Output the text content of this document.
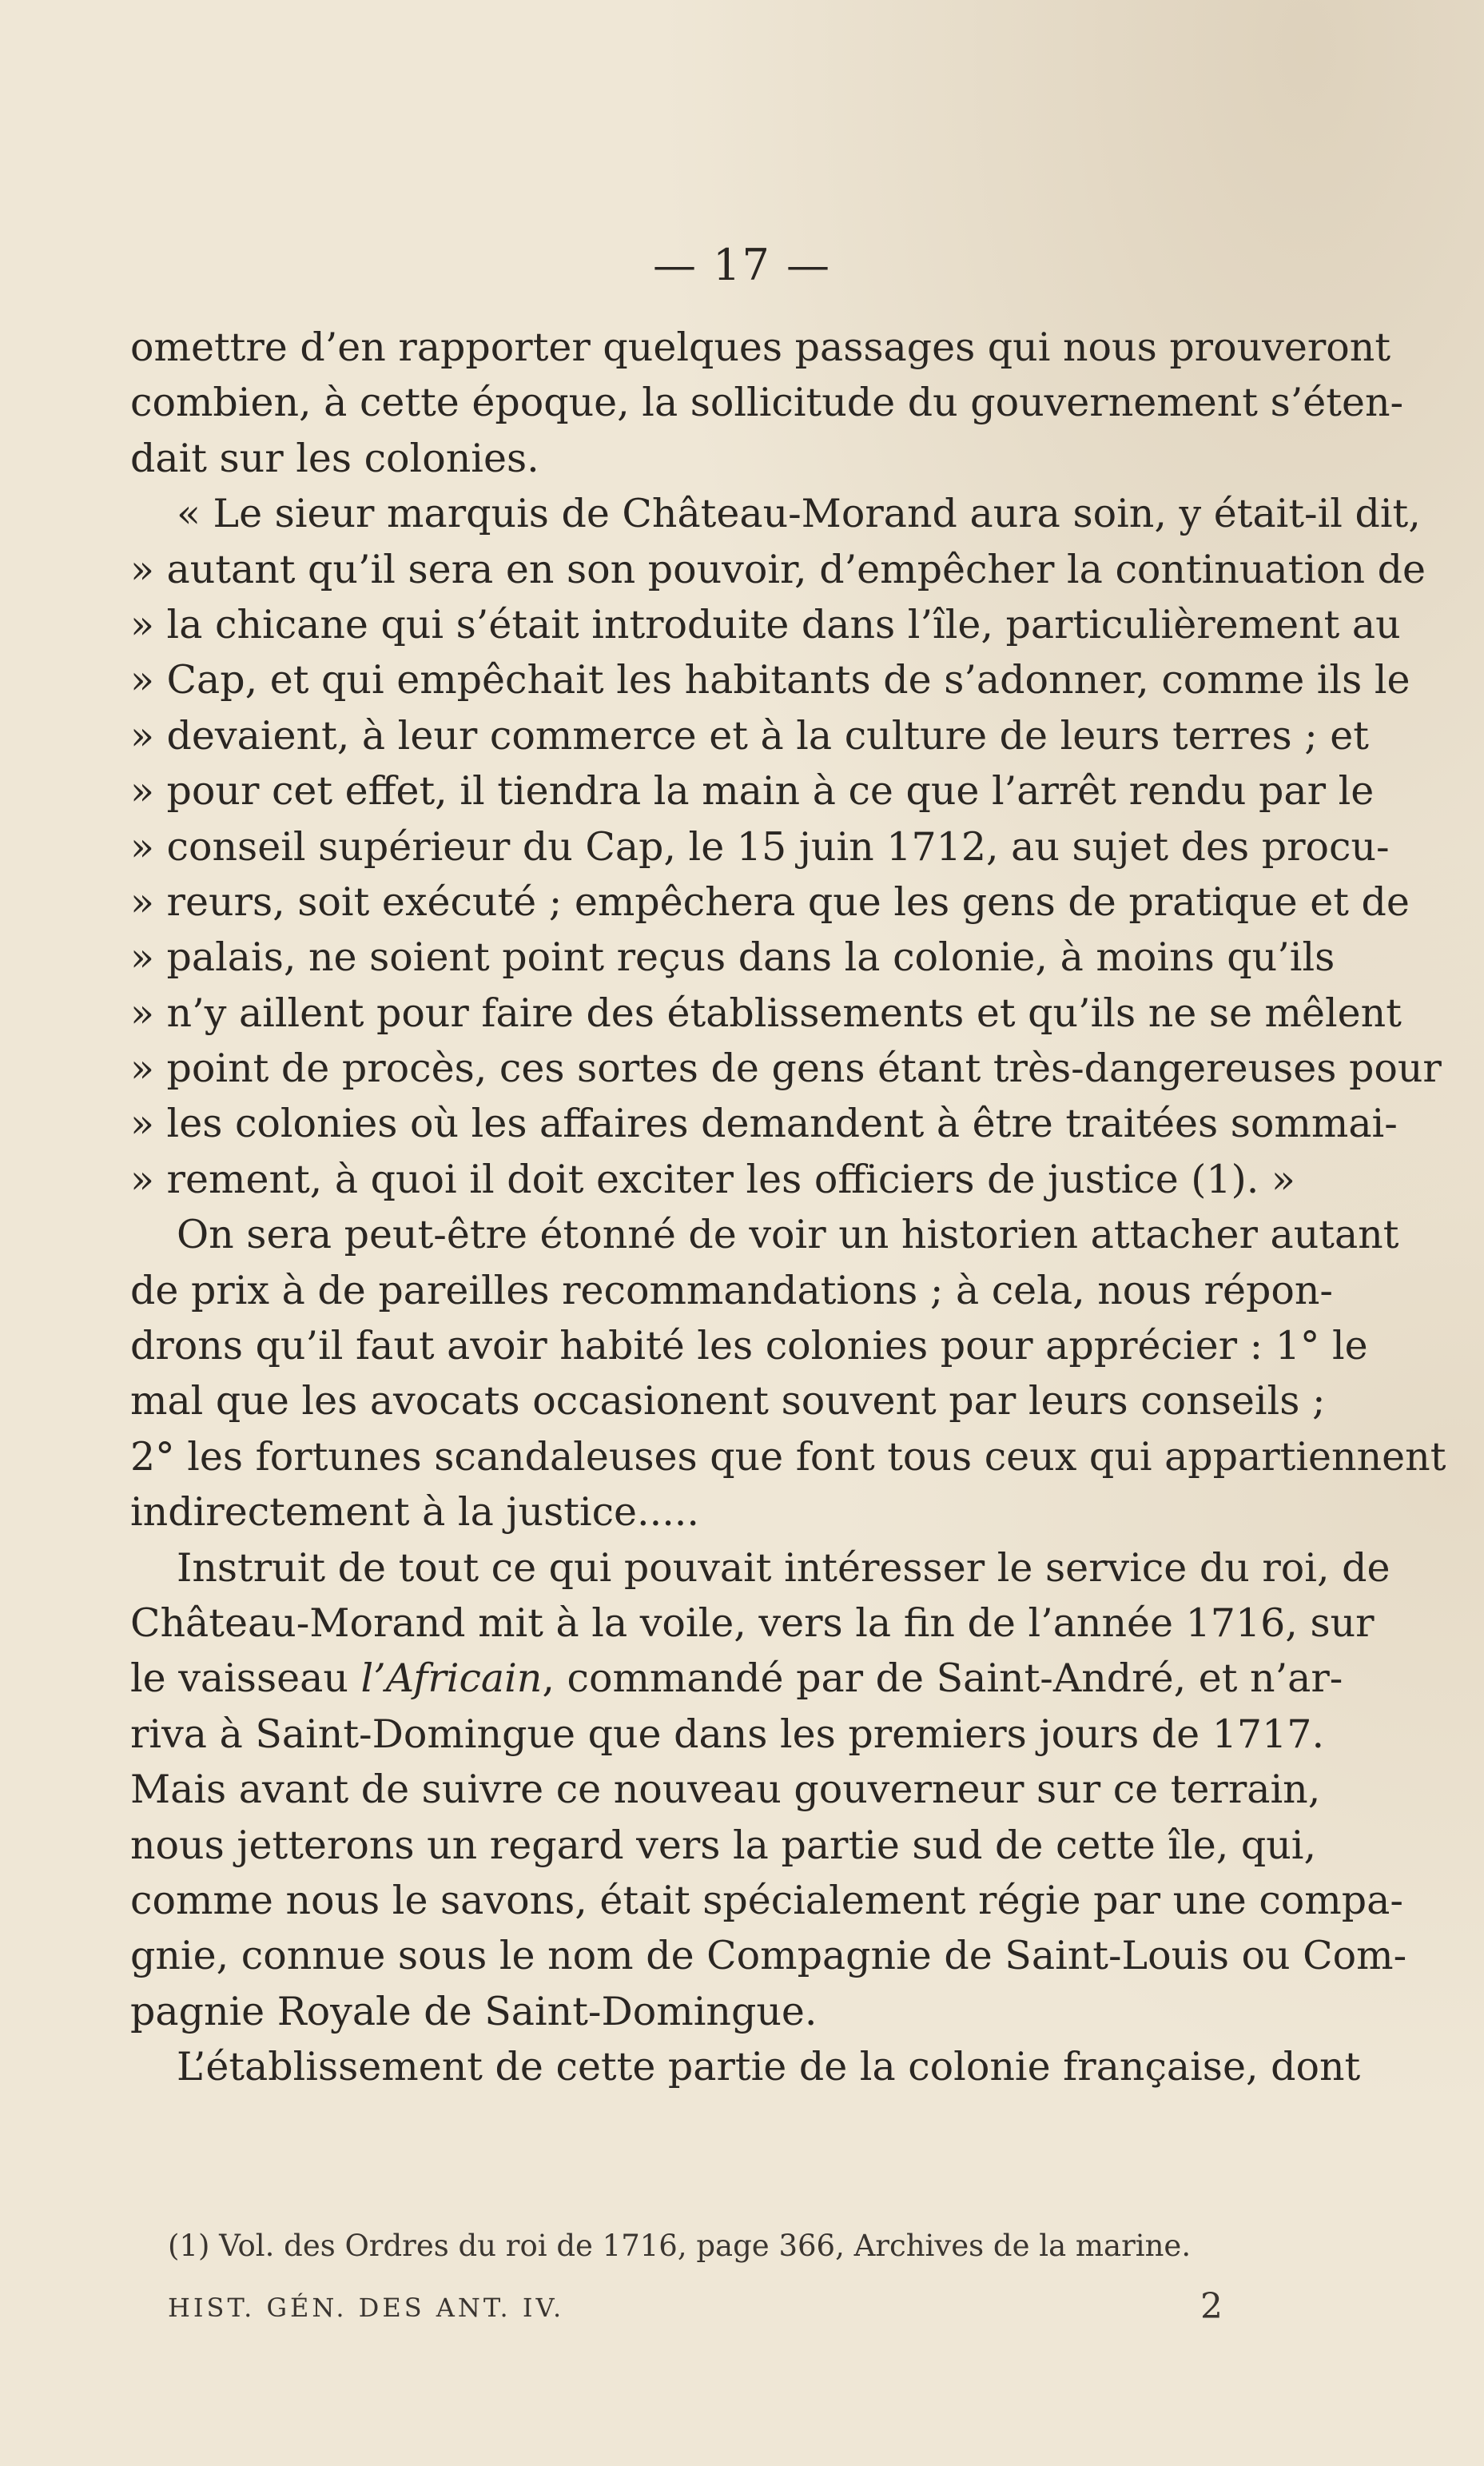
— 17 —
omettre d’en rapporter quelques passages qui nous prouveront
combien, à cette époque, la sollicitude du gouvernement s’éten-
dait sur les colonies.
« Le sieur marquis de Château-Morand aura soin, y était-il dit,
» autant qu’il sera en son pouvoir, d’empêcher la continuation de
» la chicane qui s’était introduite dans l’île, particulièrement au
» Cap, et qui empêchait les habitants de s’adonner, comme ils le
» devaient, à leur commerce et à la culture de leurs terres ; et
» pour cet effet, il tiendra la main à ce que l’arrêt rendu par le
» conseil supérieur du Cap, le 15 juin 1712, au sujet des procu-
» reurs, soit exécuté ; empêchera que les gens de pratique et de
» palais, ne soient point reçus dans la colonie, à moins qu’ils
» n’y aillent pour faire des établissements et qu’ils ne se mêlent
» point de procès, ces sortes de gens étant très-dangereuses pour
» les colonies où les affaires demandent à être traitées sommai-
» rement, à quoi il doit exciter les officiers de justice (1). »
On sera peut-être étonné de voir un historien attacher autant
de prix à de pareilles recommandations ; à cela, nous répon-
drons qu’il faut avoir habité les colonies pour apprécier : 1° le
mal que les avocats occasionent souvent par leurs conseils ;
2° les fortunes scandaleuses que font tous ceux qui appartiennent
indirectement à la justice.....
Instruit de tout ce qui pouvait intéresser le service du roi, de
Château-Morand mit à la voile, vers la fin de l’année 1716, sur
le vaisseau l’Africain, commandé par de Saint-André, et n’ar-
riva à Saint-Domingue que dans les premiers jours de 1717.
Mais avant de suivre ce nouveau gouverneur sur ce terrain,
nous jetterons un regard vers la partie sud de cette île, qui,
comme nous le savons, était spécialement régie par une compa-
gnie, connue sous le nom de Compagnie de Saint-Louis ou Com-
pagnie Royale de Saint-Domingue.
L’établissement de cette partie de la colonie française, dont
(1) Vol. des Ordres du roi de 1716, page 366, Archives de la marine.
HIST. GÉN. DES ANT. IV.	2
